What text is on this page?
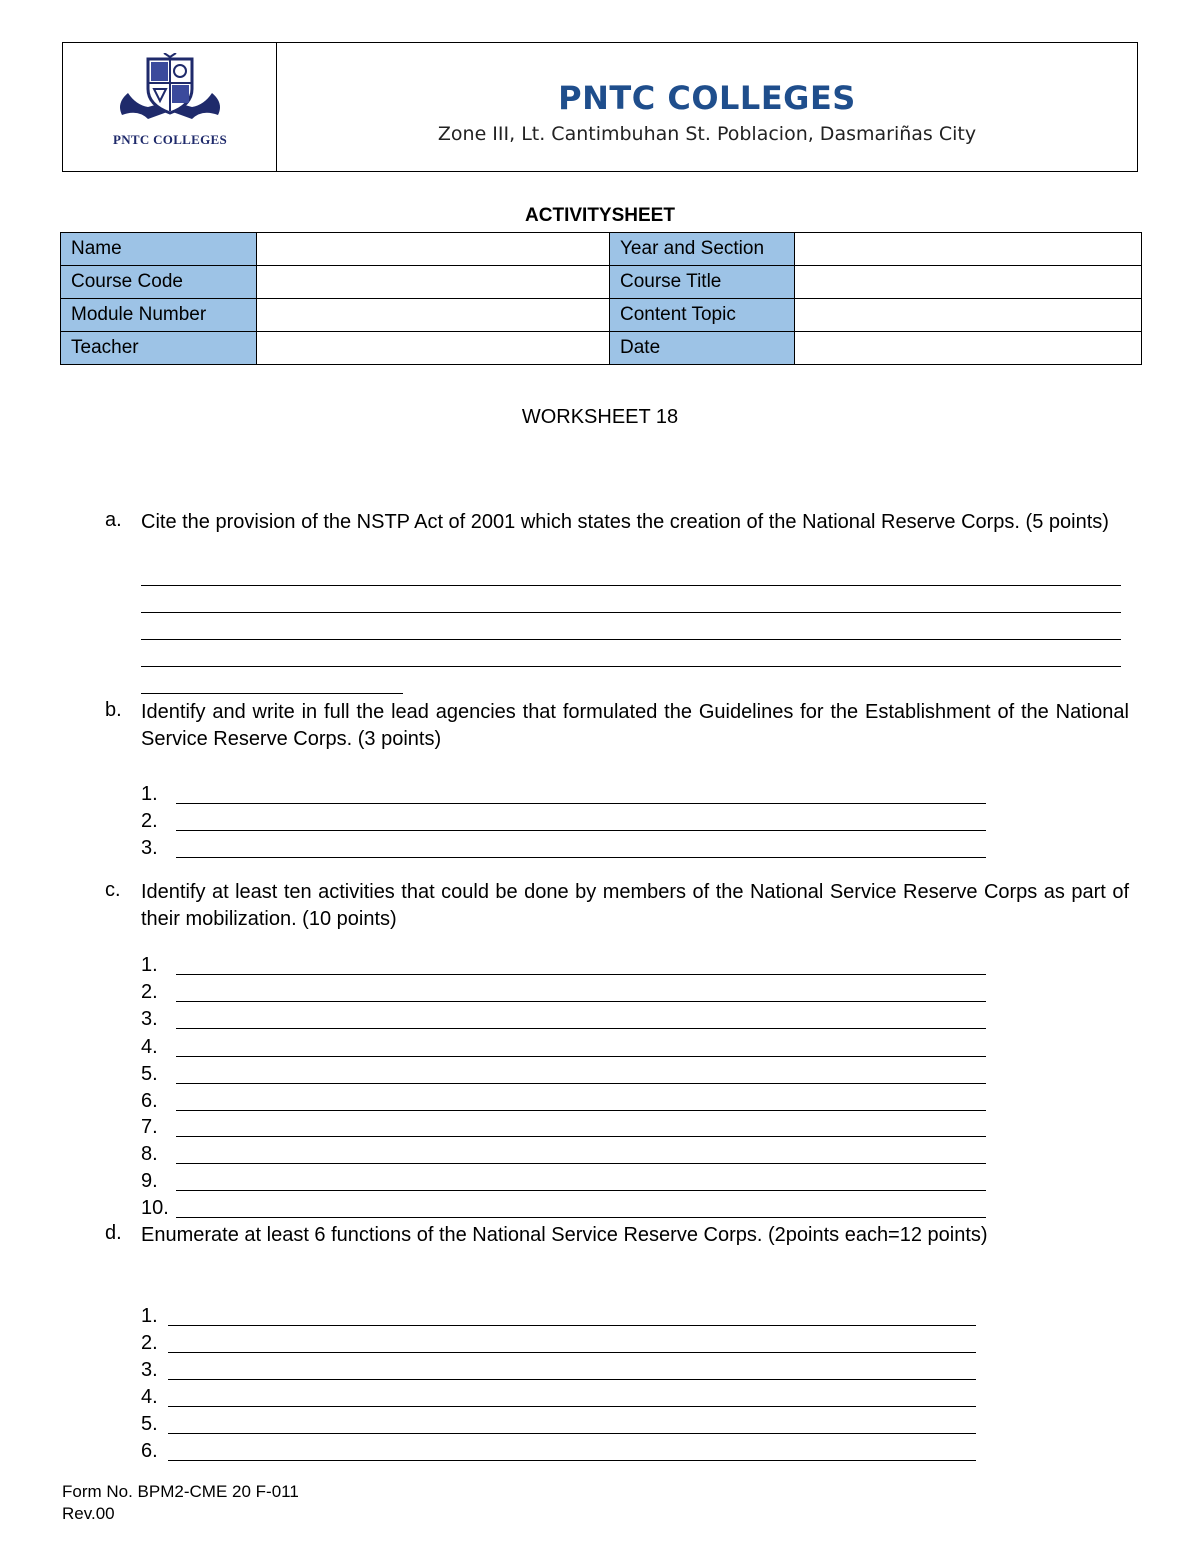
PNTC COLLEGES
PNTC COLLEGES
Zone III, Lt. Cantimbuhan St. Poblacion, Dasmariñas City
ACTIVITYSHEET
Name		Year and Section	
Course Code		Course Title	
Module Number		Content Topic	
Teacher		Date	
WORKSHEET 18
a. Cite the provision of the NSTP Act of 2001 which states the creation of the National Reserve Corps. (5 points)
b. Identify and write in full the lead agencies that formulated the Guidelines for the Establishment of the National Service Reserve Corps. (3 points)
1.
2.
3.
c. Identify at least ten activities that could be done by members of the National Service Reserve Corps as part of their mobilization. (10 points)
1.
2.
3.
4.
5.
6.
7.
8.
9.
10.
d. Enumerate at least 6 functions of the National Service Reserve Corps. (2points each=12 points)
1.
2.
3.
4.
5.
6.
Form No. BPM2-CME 20 F-011
Rev.00
